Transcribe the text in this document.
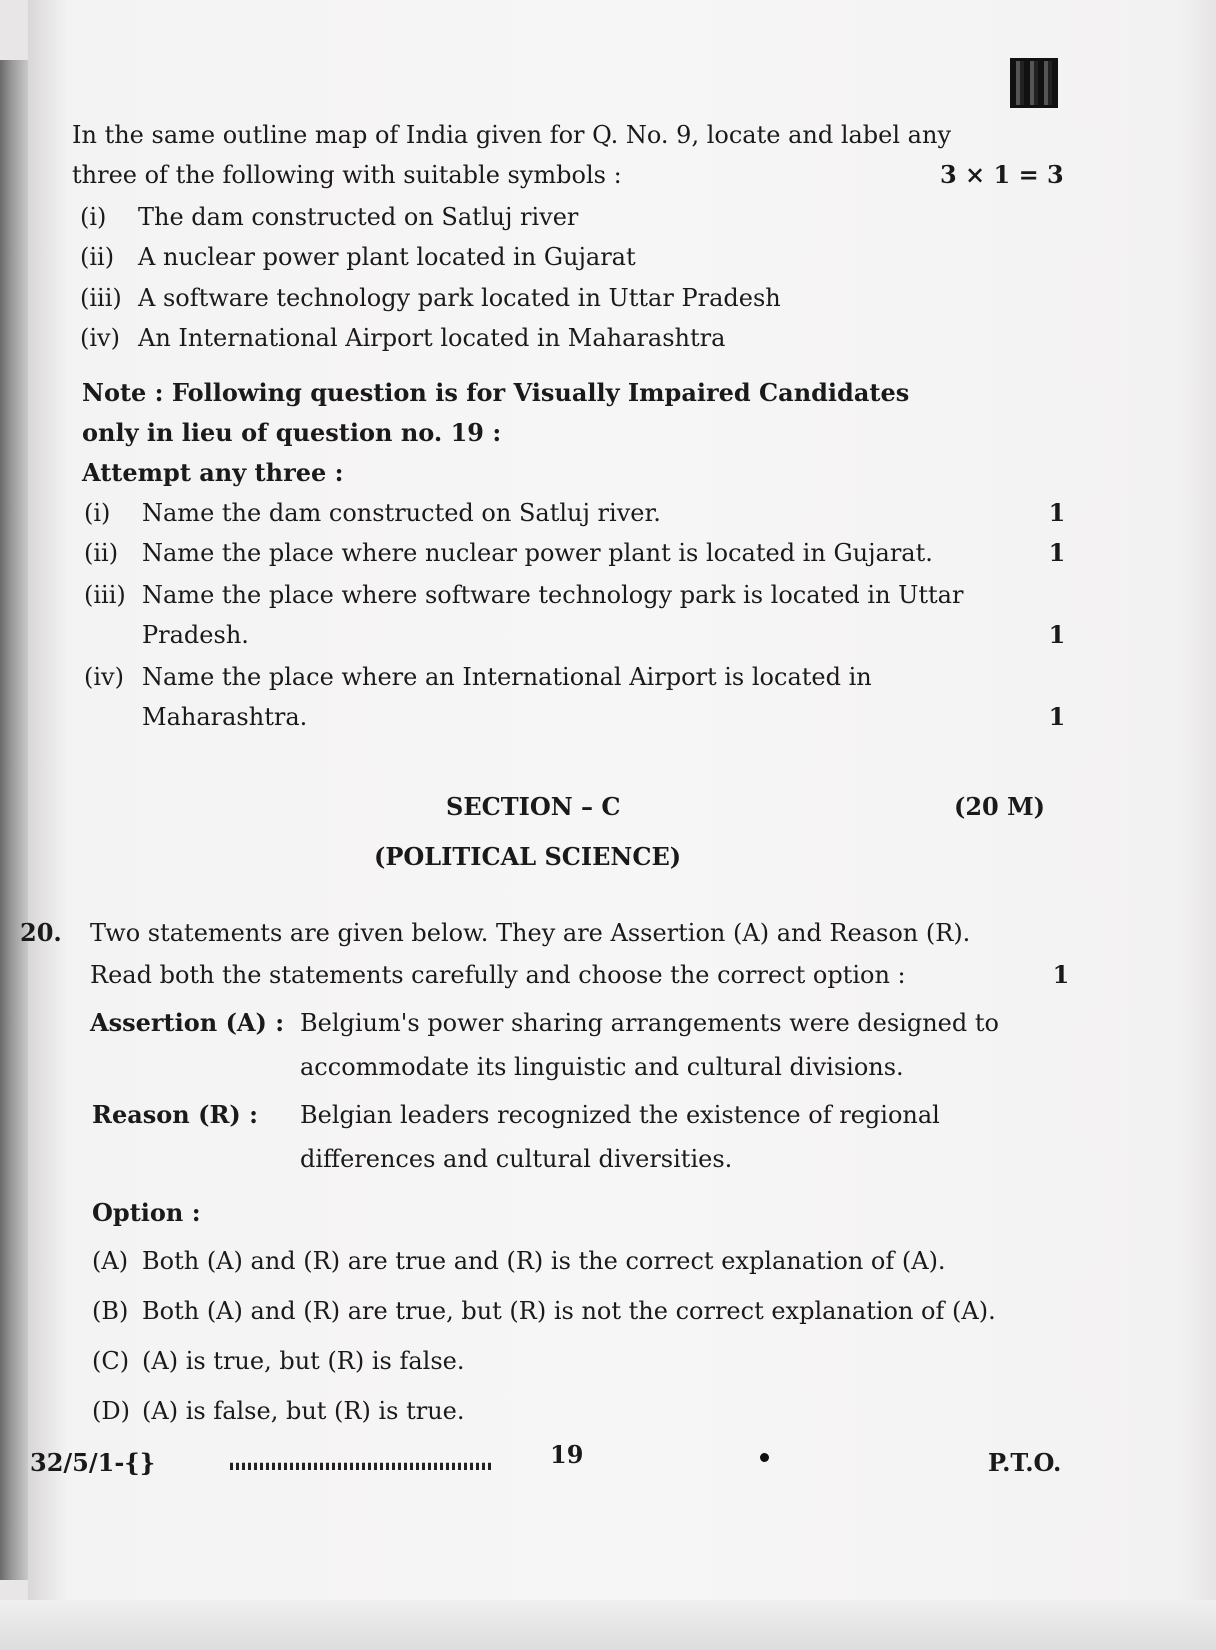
In the same outline map of India given for Q. No. 9, locate and label any
three of the following with suitable symbols :	3 × 1 = 3
(i) The dam constructed on Satluj river
(ii) A nuclear power plant located in Gujarat
(iii) A software technology park located in Uttar Pradesh
(iv) An International Airport located in Maharashtra
Note : Following question is for Visually Impaired Candidates
only in lieu of question no. 19 :
Attempt any three :
(i) Name the dam constructed on Satluj river.	1
(ii) Name the place where nuclear power plant is located in Gujarat.	1
(iii) Name the place where software technology park is located in Uttar
Pradesh.	1
(iv) Name the place where an International Airport is located in
Maharashtra.	1
SECTION – C	(20 M)
(POLITICAL SCIENCE)
20. Two statements are given below. They are Assertion (A) and Reason (R).
Read both the statements carefully and choose the correct option :	1
Assertion (A) : Belgium's power sharing arrangements were designed to
accommodate its linguistic and cultural divisions.
Reason (R) : Belgian leaders recognized the existence of regional
differences and cultural diversities.
Option :
(A) Both (A) and (R) are true and (R) is the correct explanation of (A).
(B) Both (A) and (R) are true, but (R) is not the correct explanation of (A).
(C) (A) is true, but (R) is false.
(D) (A) is false, but (R) is true.
32/5/1-{}	19	P.T.O.
